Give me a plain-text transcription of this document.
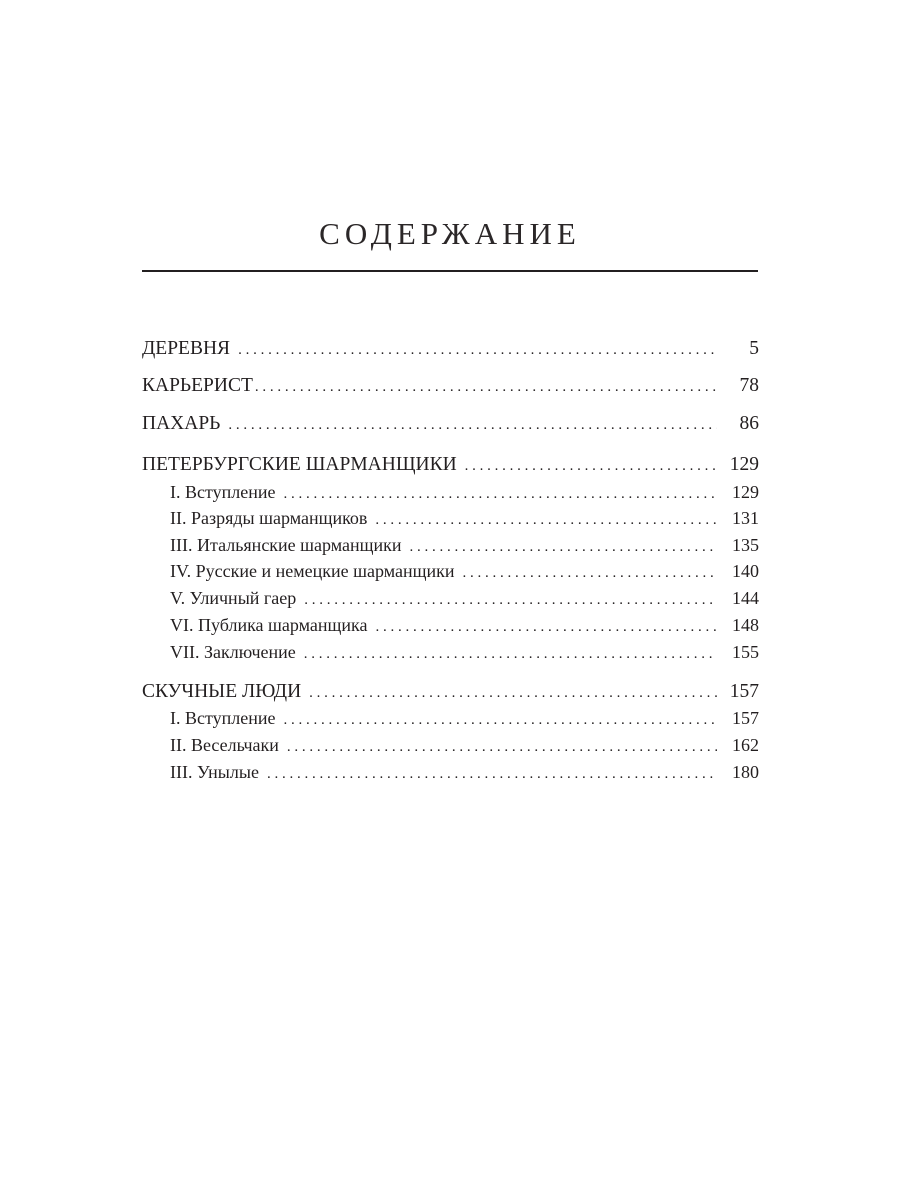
СОДЕРЖАНИЕ
ДЕРЕВНЯ . . .	5
КАРЬЕРИСТ . . .	78
ПАХАРЬ . . .	86
ПЕТЕРБУРГСКИЕ ШАРМАНЩИКИ . . .	129
I. Вступление . . .	129
II. Разряды шарманщиков . . .	131
III. Итальянские шарманщики . . .	135
IV. Русские и немецкие шарманщики . . .	140
V. Уличный гаер . . .	144
VI. Публика шарманщика . . .	148
VII. Заключение . . .	155
СКУЧНЫЕ ЛЮДИ . . .	157
I. Вступление . . .	157
II. Весельчаки . . .	162
III. Унылые . . .	180
